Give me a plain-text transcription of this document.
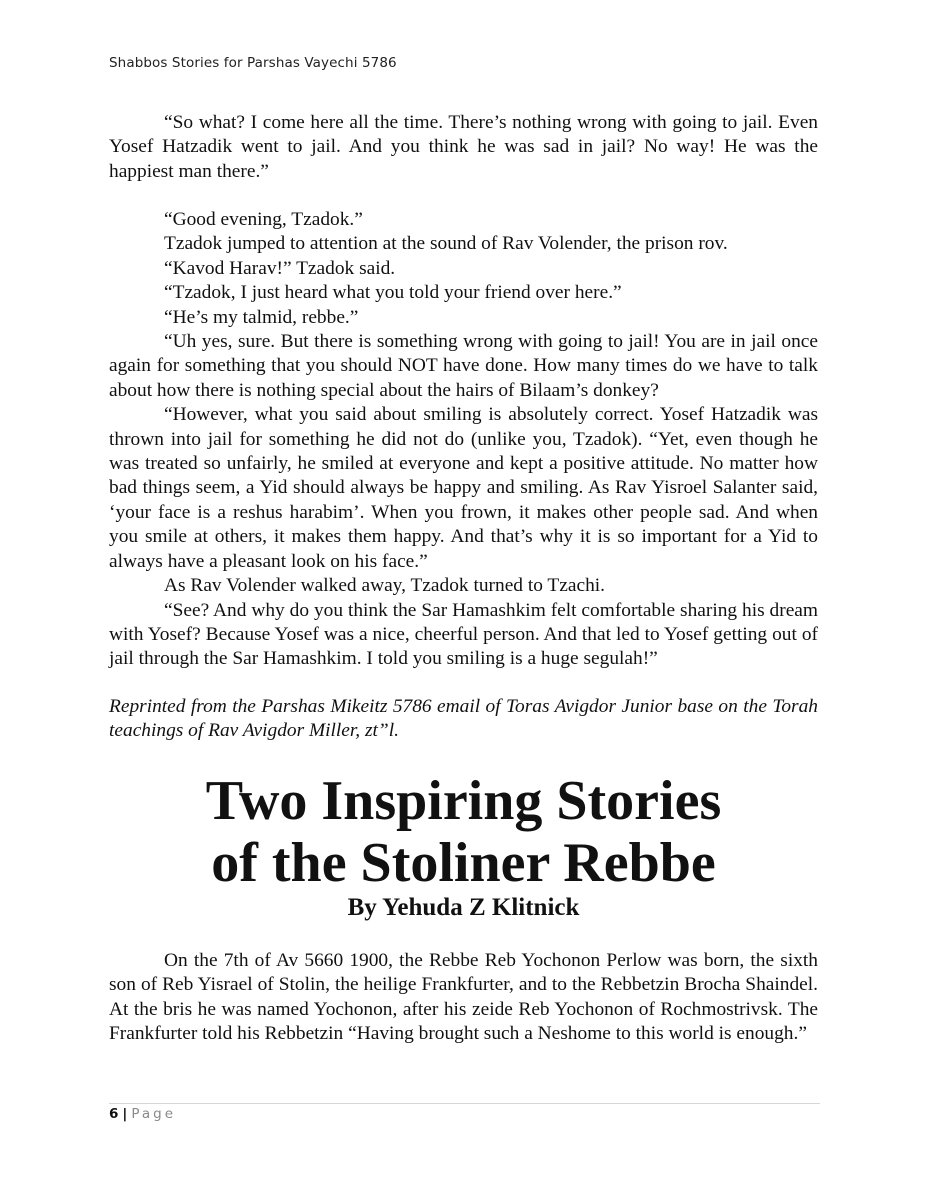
Shabbos Stories for Parshas Vayechi 5786

“So what? I come here all the time. There’s nothing wrong with going to jail. Even Yosef Hatzadik went to jail. And you think he was sad in jail? No way! He was the happiest man there.”

“Good evening, Tzadok.”

Tzadok jumped to attention at the sound of Rav Volender, the prison rov.

“Kavod Harav!” Tzadok said.

“Tzadok, I just heard what you told your friend over here.”

“He’s my talmid, rebbe.”

“Uh yes, sure. But there is something wrong with going to jail! You are in jail once again for something that you should NOT have done. How many times do we have to talk about how there is nothing special about the hairs of Bilaam’s donkey?

“However, what you said about smiling is absolutely correct. Yosef Hatzadik was thrown into jail for something he did not do (unlike you, Tzadok). “Yet, even though he was treated so unfairly, he smiled at everyone and kept a positive attitude. No matter how bad things seem, a Yid should always be happy and smiling. As Rav Yisroel Salanter said, ‘your face is a reshus harabim’. When you frown, it makes other people sad. And when you smile at others, it makes them happy. And that’s why it is so important for a Yid to always have a pleasant look on his face.”

As Rav Volender walked away, Tzadok turned to Tzachi.

“See? And why do you think the Sar Hamashkim felt comfortable sharing his dream with Yosef? Because Yosef was a nice, cheerful person. And that led to Yosef getting out of jail through the Sar Hamashkim. I told you smiling is a huge segulah!”

Reprinted from the Parshas Mikeitz 5786 email of Toras Avigdor Junior base on the Torah teachings of Rav Avigdor Miller, zt”l.
Two Inspiring Stories
of the Stoliner Rebbe
By Yehuda Z Klitnick

On the 7th of Av 5660 1900, the Rebbe Reb Yochonon Perlow was born, the sixth son of Reb Yisrael of Stolin, the heilige Frankfurter, and to the Rebbetzin Brocha Shaindel. At the bris he was named Yochonon, after his zeide Reb Yochonon of Rochmostrivsk. The Frankfurter told his Rebbetzin “Having brought such a Neshome to this world is enough.”

6 | Page
